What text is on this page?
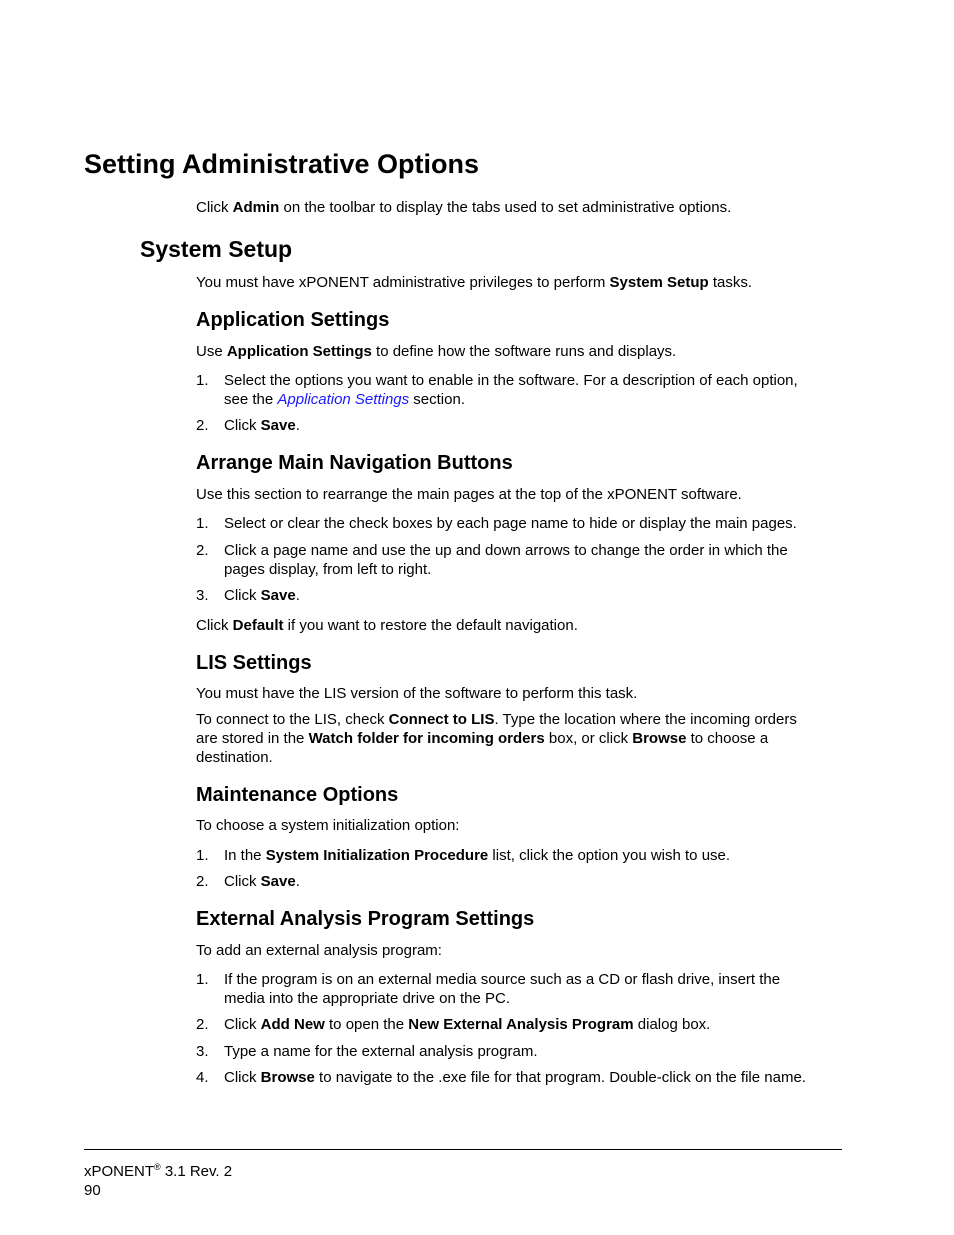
Setting Administrative Options

Click Admin on the toolbar to display the tabs used to set administrative options.

System Setup

You must have xPONENT administrative privileges to perform System Setup tasks.

Application Settings

Use Application Settings to define how the software runs and displays.

1. Select the options you want to enable in the software. For a description of each option,
see the Application Settings section.
2. Click Save.
Arrange Main Navigation Buttons

Use this section to rearrange the main pages at the top of the xPONENT software.

1. Select or clear the check boxes by each page name to hide or display the main pages.
2. Click a page name and use the up and down arrows to change the order in which the
pages display, from left to right.
3. Click Save.

Click Default if you want to restore the default navigation.

LIS Settings

You must have the LIS version of the software to perform this task.

To connect to the LIS, check Connect to LIS. Type the location where the incoming orders
are stored in the Watch folder for incoming orders box, or click Browse to choose a
destination.

Maintenance Options

To choose a system initialization option:

1. In the System Initialization Procedure list, click the option you wish to use.
2. Click Save.
External Analysis Program Settings

To add an external analysis program:

1. If the program is on an external media source such as a CD or flash drive, insert the
media into the appropriate drive on the PC.
2. Click Add New to open the New External Analysis Program dialog box.
3. Type a name for the external analysis program.
4. Click Browse to navigate to the .exe file for that program. Double-click on the file name.
xPONENT® 3.1 Rev. 2
90
